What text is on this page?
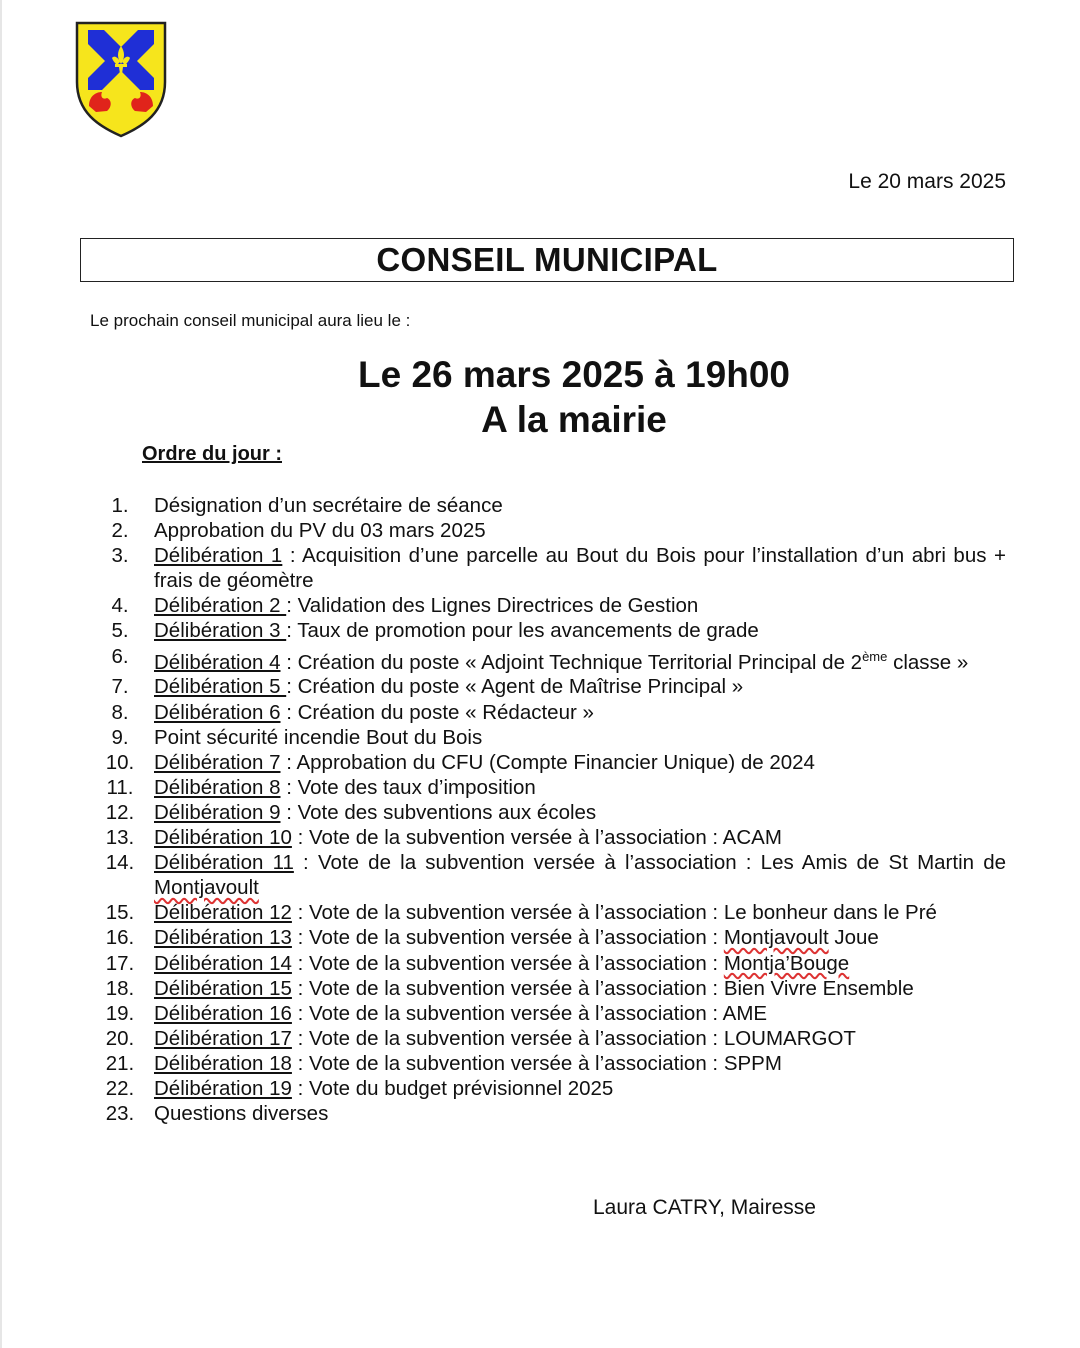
Le 20 mars 2025
CONSEIL MUNICIPAL
Le prochain conseil municipal aura lieu le :
Le 26 mars 2025 à 19h00
A la mairie
Ordre du jour :
1.	Désignation d’un secrétaire de séance
2.	Approbation du PV du 03 mars 2025
3.	Délibération 1 : Acquisition d’une parcelle au Bout du Bois pour l’installation d’un abri bus + frais de géomètre
4.	Délibération 2 : Validation des Lignes Directrices de Gestion
5.	Délibération 3 : Taux de promotion pour les avancements de grade
6.	Délibération 4 : Création du poste « Adjoint Technique Territorial Principal de 2ème classe »
7.	Délibération 5 : Création du poste « Agent de Maîtrise Principal »
8.	Délibération 6 : Création du poste « Rédacteur »
9.	Point sécurité incendie Bout du Bois
10. Délibération 7 : Approbation du CFU (Compte Financier Unique) de 2024
11.	Délibération 8 : Vote des taux d’imposition
12. Délibération 9 : Vote des subventions aux écoles
13. Délibération 10 : Vote de la subvention versée à l’association : ACAM
14. Délibération 11 : Vote de la subvention versée à l’association : Les Amis de St Martin de Montjavoult
15. Délibération 12 : Vote de la subvention versée à l’association : Le bonheur dans le Pré
16. Délibération 13 : Vote de la subvention versée à l’association : Montjavoult Joue
17. Délibération 14 : Vote de la subvention versée à l’association : Montja’Bouge
18. Délibération 15 : Vote de la subvention versée à l’association : Bien Vivre Ensemble
19. Délibération 16 : Vote de la subvention versée à l’association : AME
20. Délibération 17 : Vote de la subvention versée à l’association : LOUMARGOT
21. Délibération 18 : Vote de la subvention versée à l’association : SPPM
22. Délibération 19 : Vote du budget prévisionnel 2025
23. Questions diverses
Laura CATRY, Mairesse
